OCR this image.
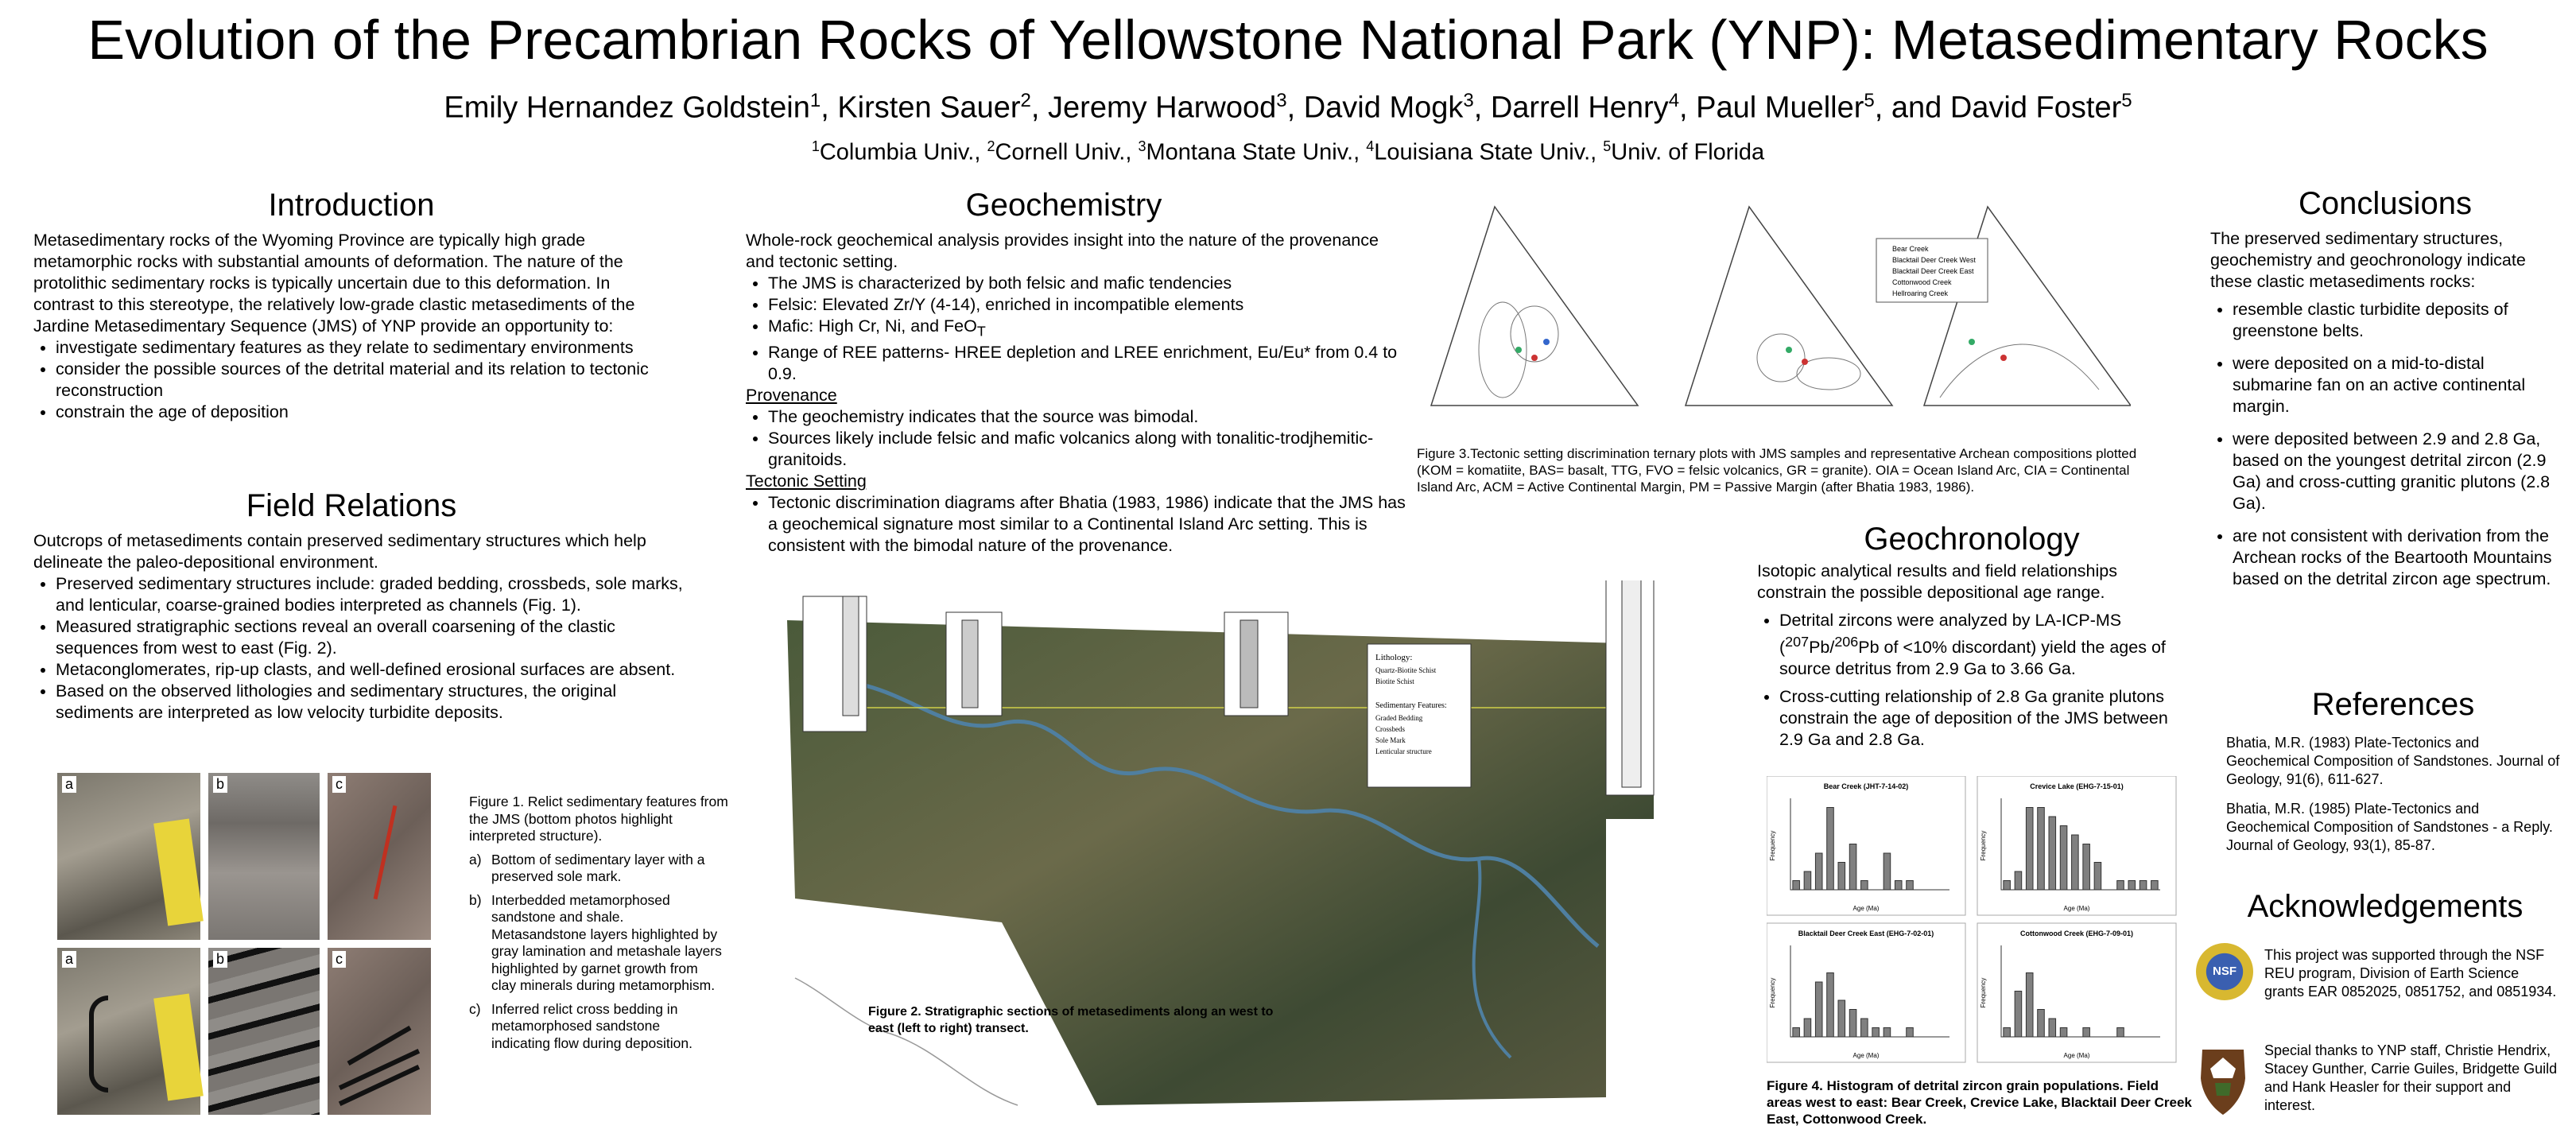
Evolution of the Precambrian Rocks of Yellowstone National Park (YNP): Metasedimentary Rocks
Emily Hernandez Goldstein$^1$, Kirsten Sauer$^2$, Jeremy Harwood$^3$, David Mogk$^3$, Darrell Henry$^4$, Paul Mueller$^5$, and David Foster$^5$
$^1$Columbia Univ., $^2$Cornell Univ., $^3$Montana State Univ., $^4$Louisiana State Univ., $^5$Univ. of Florida
Introduction
Metasedimentary rocks of the Wyoming Province are typically high grade metamorphic rocks with substantial amounts of deformation. The nature of the protolithic sedimentary rocks is typically uncertain due to this deformation. In contrast to this stereotype, the relatively low-grade clastic metasediments of the Jardine Metasedimentary Sequence (JMS) of YNP provide an opportunity to:
• investigate sedimentary features as they relate to sedimentary environments
• consider the possible sources of the detrital material and its relation to tectonic reconstruction
• constrain the age of deposition
Field Relations
Outcrops of metasediments contain preserved sedimentary structures which help delineate the paleo-depositional environment.
• Preserved sedimentary structures include: graded bedding, crossbeds, sole marks, and lenticular, coarse-grained bodies interpreted as channels (Fig. 1).
• Measured stratigraphic sections reveal an overall coarsening of the clastic sequences from west to east (Fig. 2).
• Metaconglomerates, rip-up clasts, and well-defined erosional surfaces are absent.
• Based on the observed lithologies and sedimentary structures, the original sediments are interpreted as low velocity turbidite deposits.
a	b	c
a	b	c
Figure 1. Relict sedimentary features from the JMS (bottom photos highlight interpreted structure).
a) Bottom of sedimentary layer with a preserved sole mark.
b) Interbedded metamorphosed sandstone and shale. Metasandstone layers highlighted by gray lamination and metashale layers highlighted by garnet growth from clay minerals during metamorphism.
c) Inferred relict cross bedding in metamorphosed sandstone indicating flow during deposition.
Geochemistry
Whole-rock geochemical analysis provides insight into the nature of the provenance and tectonic setting.
• The JMS is characterized by both felsic and mafic tendencies
• Felsic: Elevated Zr/Y (4-14), enriched in incompatible elements
• Mafic: High Cr, Ni, and FeO$_T$
• Range of REE patterns- HREE depletion and LREE enrichment, Eu/Eu* from 0.4 to 0.9.
Provenance
• The geochemistry indicates that the source was bimodal.
• Sources likely include felsic and mafic volcanics along with tonalitic-trodjhemitic-granitoids.
Tectonic Setting
• Tectonic discrimination diagrams after Bhatia (1983, 1986) indicate that the JMS has a geochemical signature most similar to a Continental Island Arc setting. This is consistent with the bimodal nature of the provenance.
Lithology:
Quartz-Biotite Schist
Biotite Schist
Sedimentary Features:
Graded Bedding
Crossbeds
Sole Mark
Lenticular structure
Figure 2. Stratigraphic sections of metasediments along an west to east (left to right) transect.
Bear Creek
Blacktail Deer Creek West
Blacktail Deer Creek East
Cottonwood Creek
Hellroaring Creek
Figure 3.Tectonic setting discrimination ternary plots with JMS samples and representative Archean compositions plotted (KOM = komatiite, BAS= basalt, TTG, FVO = felsic volcanics, GR = granite). OIA = Ocean Island Arc, CIA = Continental Island Arc, ACM = Active Continental Margin, PM = Passive Margin (after Bhatia 1983, 1986).
Geochronology
Isotopic analytical results and field relationships constrain the possible depositional age range.
• Detrital zircons were analyzed by LA-ICP-MS ($^{207}$Pb/$^{206}$Pb of <10% discordant) yield the ages of source detritus from 2.9 Ga to 3.66 Ga.
• Cross-cutting relationship of 2.8 Ga granite plutons constrain the age of deposition of the JMS between 2.9 Ga and 2.8 Ga.
Bear Creek (JHT-7-14-02)
Frequency
Age (Ma)
Crevice Lake (EHG-7-15-01)
Frequency
Age (Ma)
Blacktail Deer Creek East (EHG-7-02-01)
Frequency
Age (Ma)
Cottonwood Creek (EHG-7-09-01)
Frequency
Age (Ma)
Figure 4. Histogram of detrital zircon grain populations. Field areas west to east: Bear Creek, Crevice Lake, Blacktail Deer Creek East, Cottonwood Creek.
Conclusions
The preserved sedimentary structures, geochemistry and geochronology indicate these clastic metasediments rocks:
• resemble clastic turbidite deposits of greenstone belts.
• were deposited on a mid-to-distal submarine fan on an active continental margin.
• were deposited between 2.9 and 2.8 Ga, based on the youngest detrital zircon (2.9 Ga) and cross-cutting granitic plutons (2.8 Ga).
• are not consistent with derivation from the Archean rocks of the Beartooth Mountains based on the detrital zircon age spectrum.
References

Bhatia, M.R. (1983) Plate-Tectonics and Geochemical Composition of Sandstones. Journal of Geology, 91(6), 611-627.

Bhatia, M.R. (1985) Plate-Tectonics and Geochemical Composition of Sandstones - a Reply. Journal of Geology, 93(1), 85-87.

Acknowledgements
NSF
This project was supported through the NSF REU program, Division of Earth Science grants EAR 0852025, 0851752, and 0851934.
Special thanks to YNP staff, Christie Hendrix, Stacey Gunther, Carrie Guiles, Bridgette Guild and Hank Heasler for their support and interest.
